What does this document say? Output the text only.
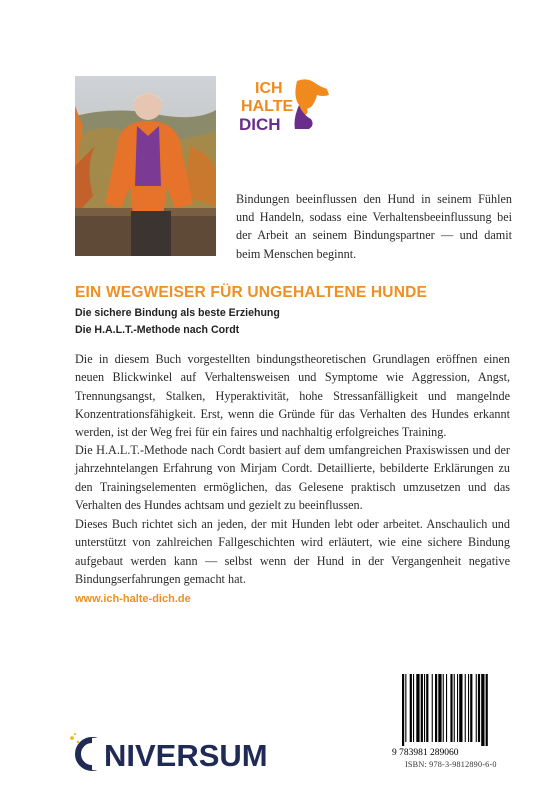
ICH
HALTE
DICH

Bindungen beeinflussen den Hund in seinem Fühlen und Handeln, sodass eine Verhaltensbeeinflussung bei der Arbeit an seinem Bindungspartner — und damit beim Menschen beginnt.

EIN WEGWEISER FÜR UNGEHALTENE HUNDE

Die sichere Bindung als beste Erziehung

Die H.A.L.T.-Methode nach Cordt

Die in diesem Buch vorgestellten bindungstheoretischen Grundlagen eröffnen einen neuen Blickwinkel auf Verhaltensweisen und Symptome wie Aggression, Angst, Trennungsangst, Stalken, Hyperaktivität, hohe Stressanfälligkeit und mangelnde Konzentrationsfähigkeit. Erst, wenn die Gründe für das Verhalten des Hundes erkannt werden, ist der Weg frei für ein faires und nachhaltig erfolgreiches Training.

Die H.A.L.T.-Methode nach Cordt basiert auf dem umfangreichen Praxiswissen und der jahrzehntelangen Erfahrung von Mirjam Cordt. Detaillierte, bebilderte Erklärungen zu den Trainingselementen ermöglichen, das Gelesene praktisch umzusetzen und das Verhalten des Hundes achtsam und gezielt zu beeinflussen.

Dieses Buch richtet sich an jeden, der mit Hunden lebt oder arbeitet. Anschaulich und unterstützt von zahlreichen Fallgeschichten wird erläutert, wie eine sichere Bindung aufgebaut werden kann — selbst wenn der Hund in der Vergangenheit negative Bindungserfahrungen gemacht hat.

www.ich-halte-dich.de

NIVERSUM	9 783981 289060

ISBN: 978-3-9812890-6-0
